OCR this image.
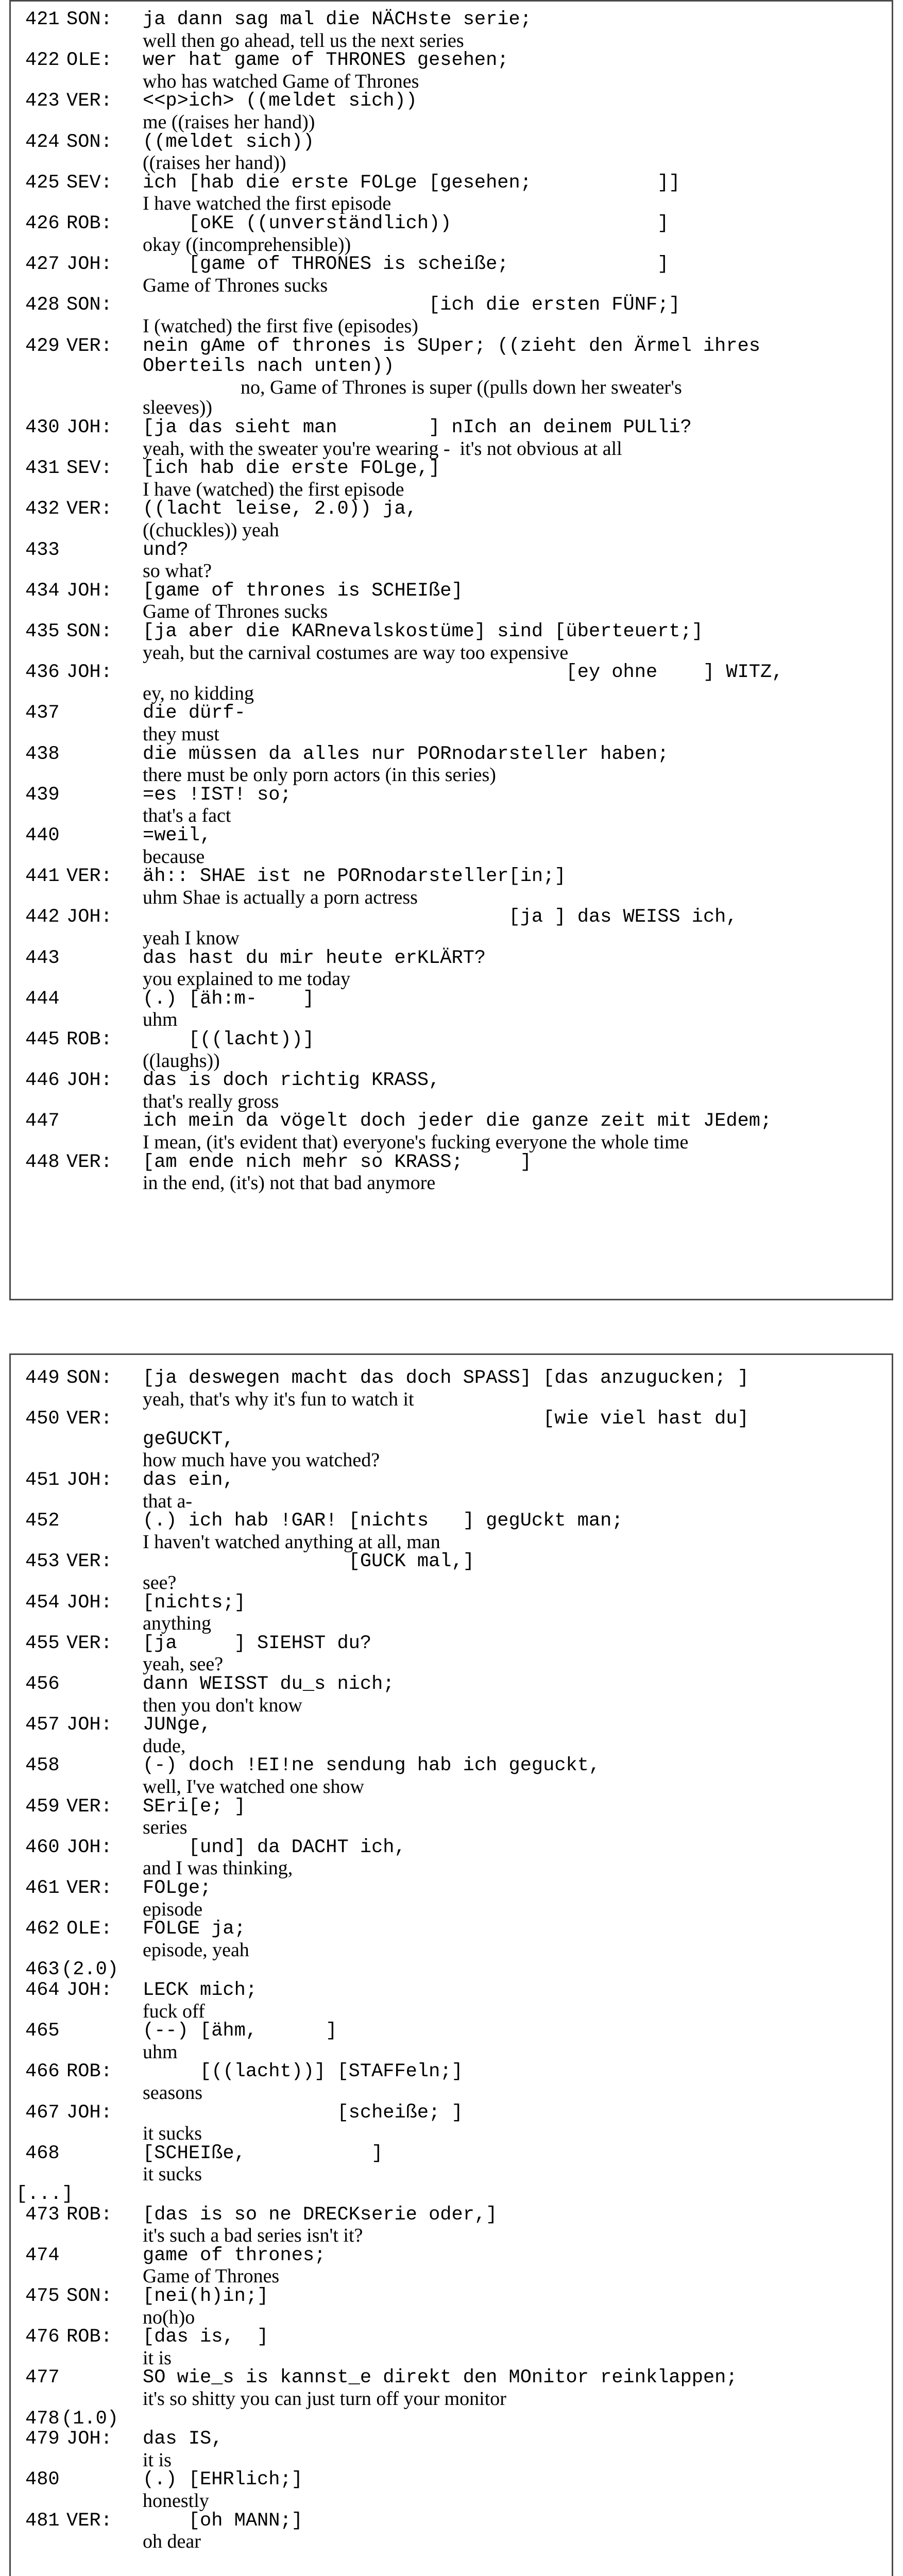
421 SON: ja dann sag mal die NÄCHste serie;
well then go ahead, tell us the next series
422 OLE: wer hat game of THRONES gesehen;
who has watched Game of Thrones
423 VER: <<p>ich> ((meldet sich))
me ((raises her hand))
424 SON: ((meldet sich))
((raises her hand))
425 SEV: ich [hab die erste FOLge [gesehen;           ]]
I have watched the first episode
426 ROB: [oKE ((unverständlich))                  ]
okay ((incomprehensible))
427 JOH: [game of THRONES is scheiße;             ]
Game of Thrones sucks
428 SON: [ich die ersten FÜNF;]
I (watched) the first five (episodes)
429 VER: nein gAme of thrones is SUper; ((zieht den Ärmel ihres
Oberteils nach unten))
no, Game of Thrones is super ((pulls down her sweater's
sleeves))
430 JOH: [ja das sieht man        ] nIch an deinem PULli?
yeah, with the sweater you're wearing -  it's not obvious at all
431 SEV: [ich hab die erste FOLge,]
I have (watched) the first episode
432 VER: ((lacht leise, 2.0)) ja,
((chuckles)) yeah
433	und?
so what?
434 JOH: [game of thrones is SCHEIße]
Game of Thrones sucks
435 SON: [ja aber die KARnevalskostüme] sind [überteuert;]
yeah, but the carnival costumes are way too expensive
436 JOH: [ey ohne    ] WITZ,
ey, no kidding
437	die dürf-
they must
438	die müssen da alles nur PORnodarsteller haben;
there must be only porn actors (in this series)
439	=es !IST! so;
that's a fact
440	=weil,
because
441 VER: äh:: SHAE ist ne PORnodarsteller[in;]
uhm Shae is actually a porn actress
442 JOH: [ja ] das WEISS ich,
yeah I know
443	das hast du mir heute erKLÄRT?
you explained to me today
444	(.) [äh:m-    ]
uhm
445 ROB: [((lacht))]
((laughs))
446 JOH: das is doch richtig KRASS,
that's really gross
447	ich mein da vögelt doch jeder die ganze zeit mit JEdem;
I mean, (it's evident that) everyone's fucking everyone the whole time
448 VER: [am ende nich mehr so KRASS;     ]
in the end, (it's) not that bad anymore
449 SON: [ja deswegen macht das doch SPASS] [das anzugucken; ]
yeah, that's why it's fun to watch it
450 VER: [wie viel hast du]
geGUCKT,
how much have you watched?
451 JOH: das ein,
that a-
452	(.) ich hab !GAR! [nichts   ] gegUckt man;
I haven't watched anything at all, man
453 VER: [GUCK mal,]
see?
454 JOH: [nichts;]
anything
455 VER: [ja     ] SIEHST du?
yeah, see?
456	dann WEISST du_s nich;
then you don't know
457 JOH: JUNge,
dude,
458	(-) doch !EI!ne sendung hab ich geguckt,
well, I've watched one show
459 VER: SEri[e; ]
series
460 JOH: [und] da DACHT ich,
and I was thinking,
461 VER: FOLge;
episode
462 OLE: FOLGE ja;
episode, yeah
463 (2.0)
464 JOH: LECK mich;
fuck off
465	(--) [ähm,      ]
uhm
466 ROB: [((lacht))] [STAFFeln;]
seasons
467 JOH: [scheiße; ]
it sucks
468	[SCHEIße,           ]
it sucks
[...]
473 ROB: [das is so ne DRECKserie oder,]
it's such a bad series isn't it?
474	game of thrones;
Game of Thrones
475 SON: [nei(h)in;]
no(h)o
476 ROB: [das is,  ]
it is
477	SO wie_s is kannst_e direkt den MOnitor reinklappen;
it's so shitty you can just turn off your monitor
478 (1.0)
479 JOH: das IS,
it is
480	(.) [EHRlich;]
honestly
481 VER: [oh MANN;]
oh dear
